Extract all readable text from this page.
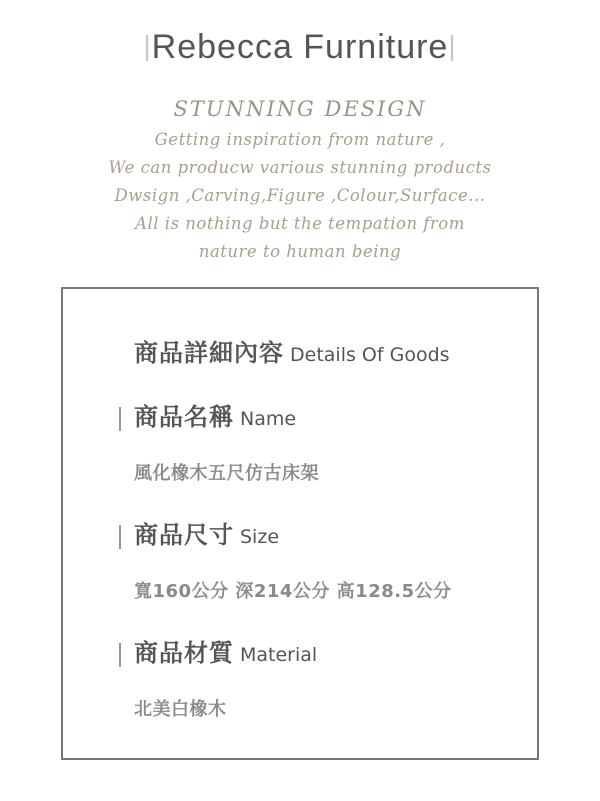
|Rebecca Furniture|
STUNNING DESIGN
Getting inspiration from nature ,
We can producw various stunning products
Dwsign ,Carving,Figure ,Colour,Surface...
All is nothing but the tempation from
nature to human being
商品詳細內容 Details Of Goods
商品名稱 Name
風化橡木五尺仿古床架
商品尺寸 Size
寬160公分 深214公分 高128.5公分
商品材質 Material
北美白橡木
